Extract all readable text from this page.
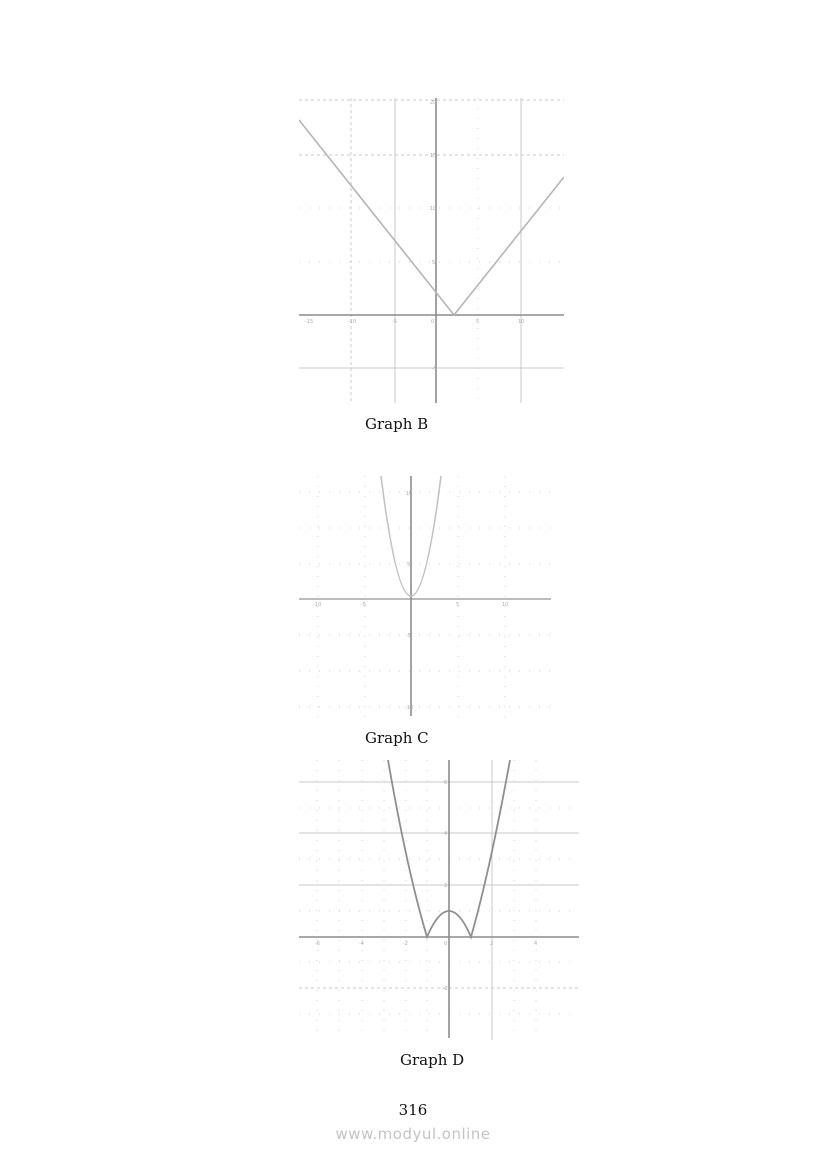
-15	-10	-5	0	5	10
20
15
10
5
-5
Graph B
-10	-5	5	10
10
5
-5
-10
Graph C
-6	-4	-2	0	2	4
6
4
2
-2
Graph D
316
www.modyul.online
